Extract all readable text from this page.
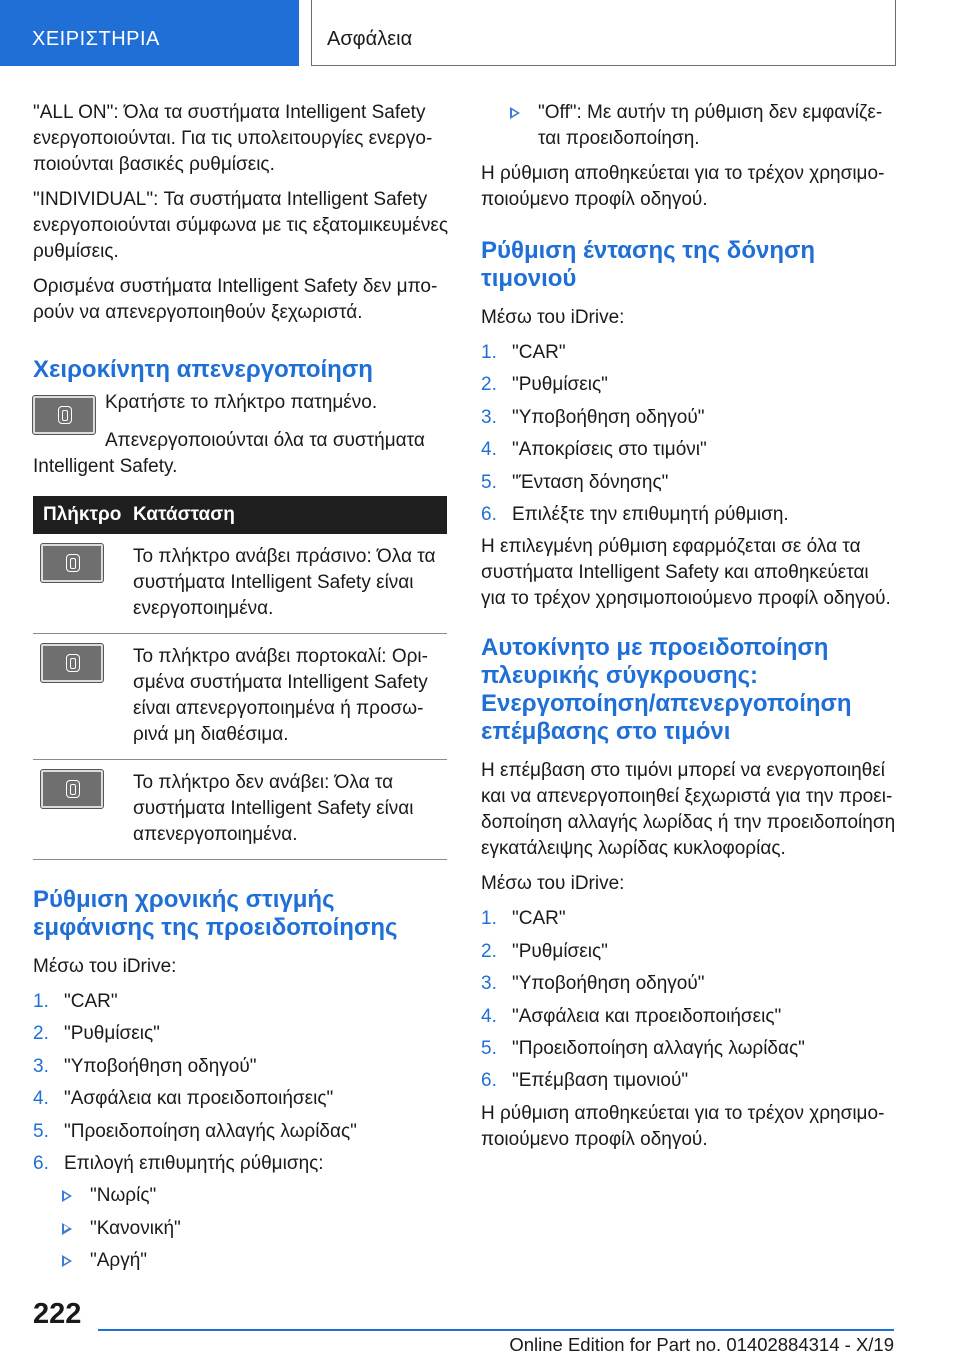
ΧΕΙΡΙΣΤΗΡΙΑ	Ασφάλεια

"ALL ON": Όλα τα συστήματα Intelligent Safety ενεργοποιούνται. Για τις υπολειτουργίες ενεργοποιούνται βασικές ρυθμίσεις.

"INDIVIDUAL": Τα συστήματα Intelligent Safety ενεργοποιούνται σύμφωνα με τις εξατομικευμένες ρυθμίσεις.

Ορισμένα συστήματα Intelligent Safety δεν μπορούν να απενεργοποιηθούν ξεχωριστά.

Χειροκίνητη απενεργοποίηση

Κρατήστε το πλήκτρο πατημένο.

Απενεργοποιούνται όλα τα συστήματα Intelligent Safety.

Πλήκτρο Κατάσταση
Το πλήκτρο ανάβει πράσινο: Όλα τα συστήματα Intelligent Safety είναι ενεργοποιημένα.
Το πλήκτρο ανάβει πορτοκαλί: Ορισμένα συστήματα Intelligent Safety είναι απενεργοποιημένα ή προσωρινά μη διαθέσιμα.
Το πλήκτρο δεν ανάβει: Όλα τα συστήματα Intelligent Safety είναι απενεργοποιημένα.
Ρύθμιση χρονικής στιγμής εμφάνισης της προειδοποίησης

Μέσω του iDrive:

1. "CAR"
2. "Ρυθμίσεις"
3. "Υποβοήθηση οδηγού"
4. "Ασφάλεια και προειδοποιήσεις"
5. "Προειδοποίηση αλλαγής λωρίδας"
6. Επιλογή επιθυμητής ρύθμισης:
"Νωρίς"
"Κανονική"
"Αργή"
"Off": Με αυτήν τη ρύθμιση δεν εμφανίζεται προειδοποίηση.

Η ρύθμιση αποθηκεύεται για το τρέχον χρησιμοποιούμενο προφίλ οδηγού.

Ρύθμιση έντασης της δόνηση τιμονιού

Μέσω του iDrive:

1. "CAR"
2. "Ρυθμίσεις"
3. "Υποβοήθηση οδηγού"
4. "Αποκρίσεις στο τιμόνι"
5. "Ένταση δόνησης"
6. Επιλέξτε την επιθυμητή ρύθμιση.

Η επιλεγμένη ρύθμιση εφαρμόζεται σε όλα τα συστήματα Intelligent Safety και αποθηκεύεται για το τρέχον χρησιμοποιούμενο προφίλ οδηγού.

Αυτοκίνητο με προειδοποίηση πλευρικής σύγκρουσης: Ενεργοποίηση/απενεργοποίηση επέμβασης στο τιμόνι

Η επέμβαση στο τιμόνι μπορεί να ενεργοποιηθεί και να απενεργοποιηθεί ξεχωριστά για την προειδοποίηση αλλαγής λωρίδας ή την προειδοποίηση εγκατάλειψης λωρίδας κυκλοφορίας.

Μέσω του iDrive:

1. "CAR"
2. "Ρυθμίσεις"
3. "Υποβοήθηση οδηγού"
4. "Ασφάλεια και προειδοποιήσεις"
5. "Προειδοποίηση αλλαγής λωρίδας"
6. "Επέμβαση τιμονιού"

Η ρύθμιση αποθηκεύεται για το τρέχον χρησιμοποιούμενο προφίλ οδηγού.

222
Online Edition for Part no. 01402884314 - X/19
